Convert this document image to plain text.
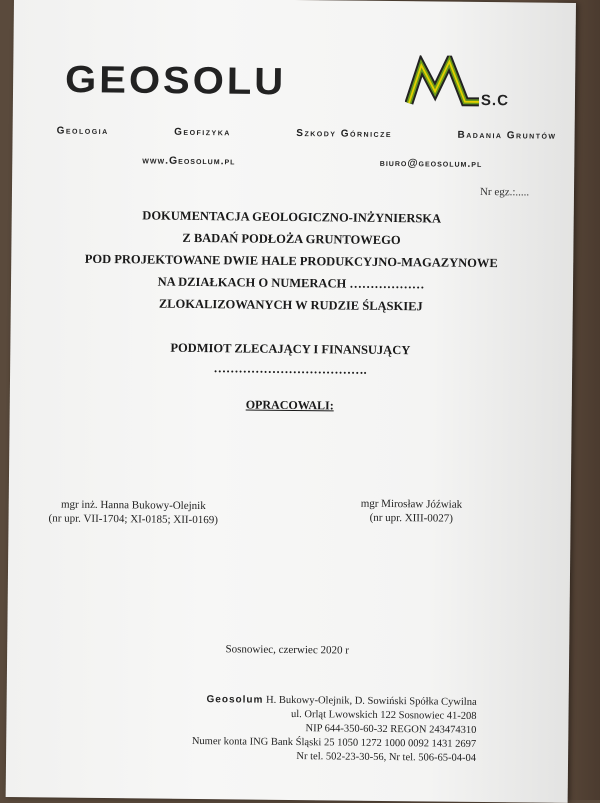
GEOSOLU	S.C
Geologia	Geofizyka	Szkody Górnicze	Badania Gruntów
www.Geosolum.pl	biuro@geosolum.pl
Nr egz.:.....
DOKUMENTACJA GEOLOGICZNO-INŻYNIERSKA
Z BADAŃ PODŁOŻA GRUNTOWEGO
POD PROJEKTOWANE DWIE HALE PRODUKCYJNO-MAGAZYNOWE
NA DZIAŁKACH O NUMERACH ………………
ZLOKALIZOWANYCH W RUDZIE ŚLĄSKIEJ
PODMIOT ZLECAJĄCY I FINANSUJĄCY
……………………………….
OPRACOWALI:
mgr inż. Hanna Bukowy-Olejnik
(nr upr. VII-1704; XI-0185; XII-0169)
mgr Mirosław Jóźwiak
(nr upr. XIII-0027)
Sosnowiec, czerwiec 2020 r
Geosolum H. Bukowy-Olejnik, D. Sowiński Spółka Cywilna
ul. Orląt Lwowskich 122 Sosnowiec 41-208
NIP 644-350-60-32 REGON 243474310
Numer konta ING Bank Śląski 25 1050 1272 1000 0092 1431 2697
Nr tel. 502-23-30-56, Nr tel. 506-65-04-04
